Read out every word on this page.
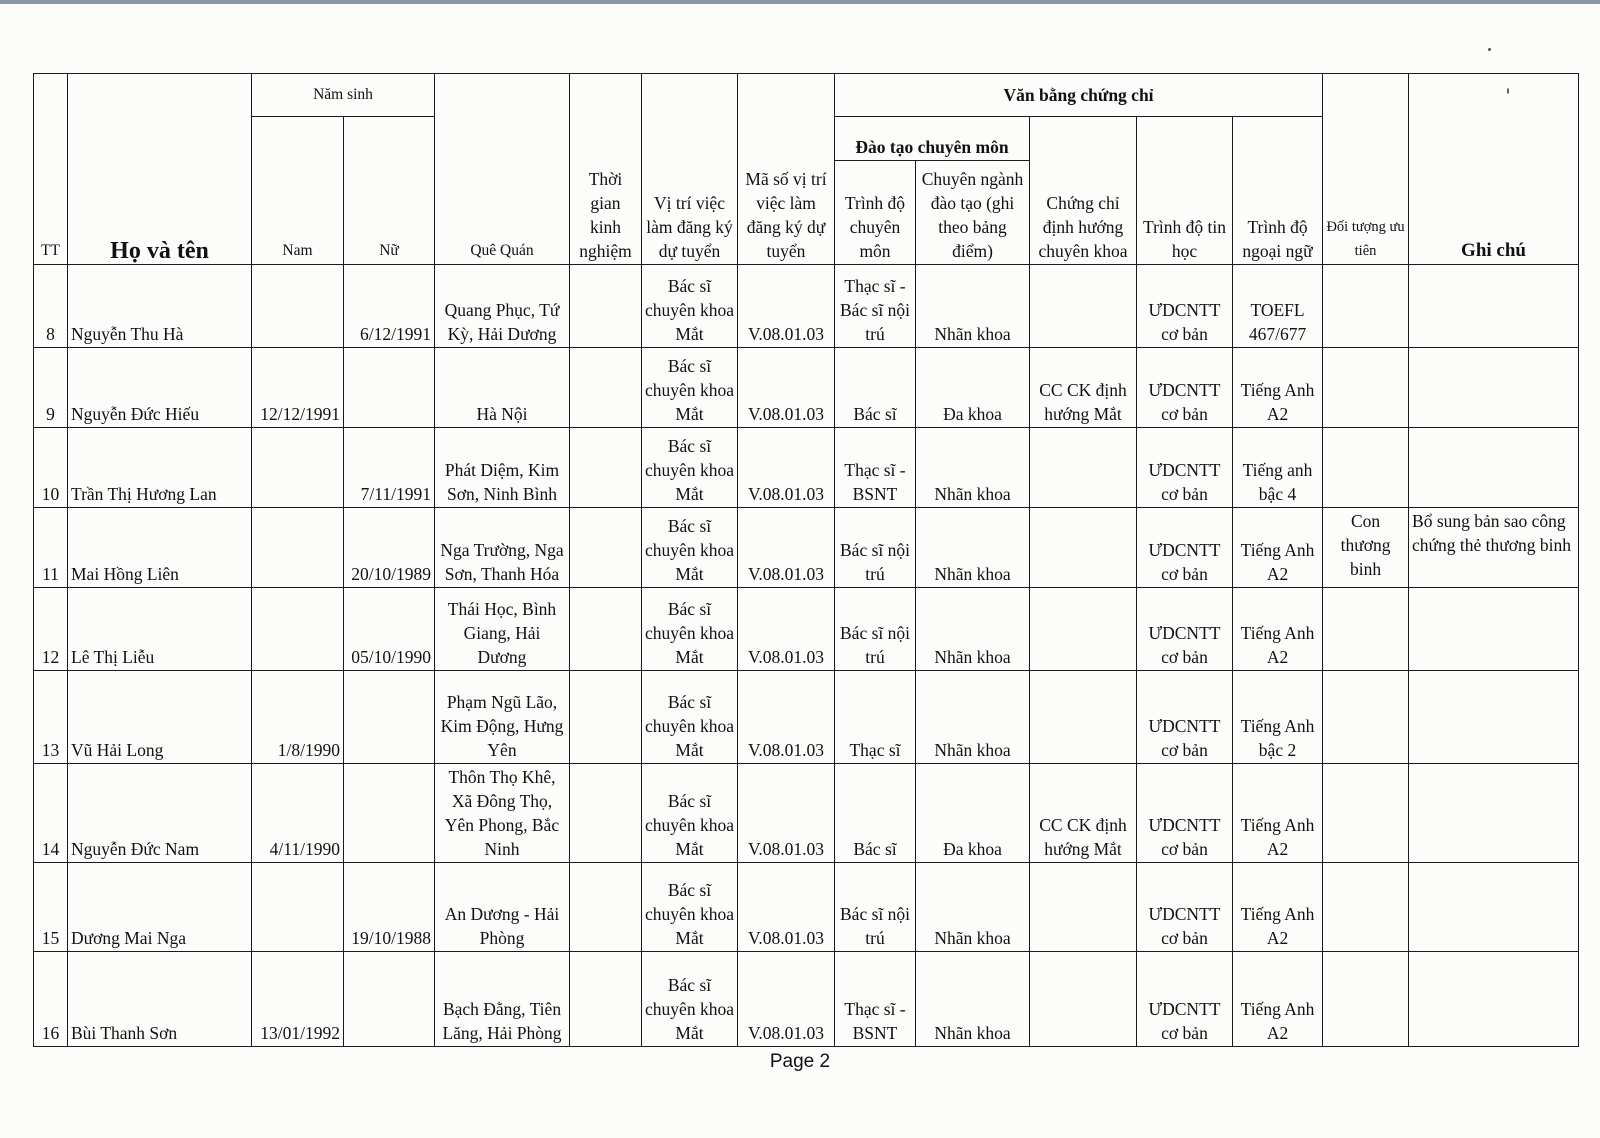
TT	Họ và tên	Năm sinh		Quê Quán	Thời gian kinh nghiệm	Vị trí việc làm đăng ký dự tuyển	Mã số vị trí việc làm đăng ký dự tuyển	Văn bằng chứng chỉ					Đối tượng ưu tiên	Ghi chú
		Nam	Nữ					Đào tạo chuyên môn		Chứng chỉ định hướng chuyên khoa	Trình độ tin học	Trình độ ngoại ngữ		
								Trình độ chuyên môn	Chuyên ngành đào tạo (ghi theo bảng điểm)					
8	Nguyễn Thu Hà		6/12/1991	Quang Phục, Tứ Kỳ, Hải Dương		Bác sĩ chuyên khoa Mắt	V.08.01.03	Thạc sĩ - Bác sĩ nội trú	Nhãn khoa		ƯDCNTT cơ bản	TOEFL 467/677		
9	Nguyễn Đức Hiếu	12/12/1991		Hà Nội		Bác sĩ chuyên khoa Mắt	V.08.01.03	Bác sĩ	Đa khoa	CC CK định hướng Mắt	ƯDCNTT cơ bản	Tiếng Anh A2		
10	Trần Thị Hương Lan		7/11/1991	Phát Diệm, Kim Sơn, Ninh Bình		Bác sĩ chuyên khoa Mắt	V.08.01.03	Thạc sĩ - BSNT	Nhãn khoa		ƯDCNTT cơ bản	Tiếng anh bậc 4		
11	Mai Hồng Liên		20/10/1989	Nga Trường, Nga Sơn, Thanh Hóa		Bác sĩ chuyên khoa Mắt	V.08.01.03	Bác sĩ nội trú	Nhãn khoa		ƯDCNTT cơ bản	Tiếng Anh A2	Con thương binh	Bổ sung bản sao công chứng thẻ thương binh
12	Lê Thị Liễu		05/10/1990	Thái Học, Bình Giang, Hải Dương		Bác sĩ chuyên khoa Mắt	V.08.01.03	Bác sĩ nội trú	Nhãn khoa		ƯDCNTT cơ bản	Tiếng Anh A2		
13	Vũ Hải Long	1/8/1990		Phạm Ngũ Lão, Kim Động, Hưng Yên		Bác sĩ chuyên khoa Mắt	V.08.01.03	Thạc sĩ	Nhãn khoa		ƯDCNTT cơ bản	Tiếng Anh bậc 2		
14	Nguyễn Đức Nam	4/11/1990		Thôn Thọ Khê, Xã Đông Thọ, Yên Phong, Bắc Ninh		Bác sĩ chuyên khoa Mắt	V.08.01.03	Bác sĩ	Đa khoa	CC CK định hướng Mắt	ƯDCNTT cơ bản	Tiếng Anh A2		
15	Dương Mai Nga		19/10/1988	An Dương - Hải Phòng		Bác sĩ chuyên khoa Mắt	V.08.01.03	Bác sĩ nội trú	Nhãn khoa		ƯDCNTT cơ bản	Tiếng Anh A2		
16	Bùi Thanh Sơn	13/01/1992		Bạch Đằng, Tiên Lăng, Hải Phòng		Bác sĩ chuyên khoa Mắt	V.08.01.03	Thạc sĩ - BSNT	Nhãn khoa		ƯDCNTT cơ bản	Tiếng Anh A2		
Page 2
